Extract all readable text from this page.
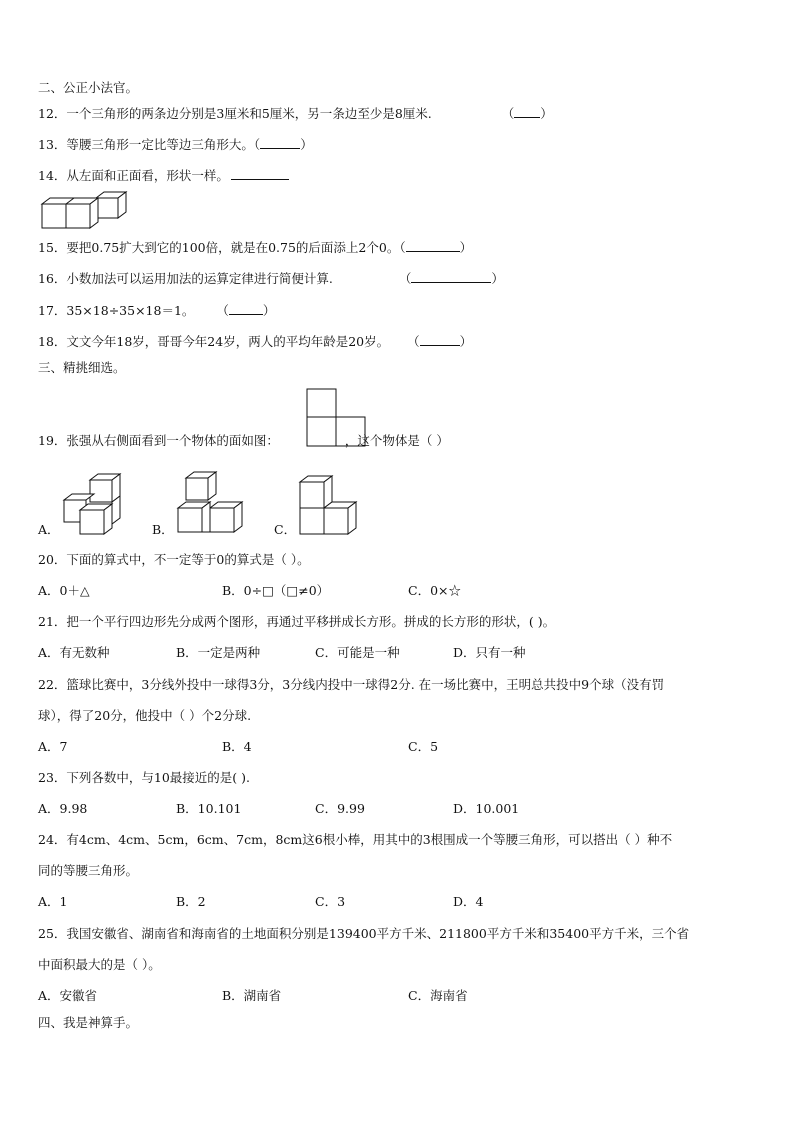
二、公正小法官。
12．一个三角形的两条边分别是3厘米和5厘米，另一条边至少是8厘米.	（ ）
13．等腰三角形一定比等边三角形大。（	）
14．从左面和正面看，形状一样。
15．要把0.75扩大到它的100倍，就是在0.75的后面添上2个0。（	）
16．小数加法可以运用加法的运算定律进行简便计算.	（	）
17．35×18÷35×18＝1。 （	）
18．文文今年18岁，哥哥今年24岁，两人的平均年龄是20岁。 （	）
三、精挑细选。
19．张强从右侧面看到一个物体的面如图：	，这个物体是（ ）
A．	B．	C．
20．下面的算式中，不一定等于0的算式是（ ）。
A．0＋△	B．0÷□（□≠0）	C．0×☆
21．把一个平行四边形先分成两个图形，再通过平移拼成长方形。拼成的长方形的形状，( )。
A．有无数种	B．一定是两种	C．可能是一种	D．只有一种
22．篮球比赛中，3分线外投中一球得3分，3分线内投中一球得2分. 在一场比赛中，王明总共投中9个球（没有罚
球），得了20分，他投中（ ）个2分球.
A．7	B．4	C．5
23．下列各数中，与10最接近的是( ).
A．9.98	B．10.101	C．9.99	D．10.001
24．有4cm、4cm、5cm，6cm、7cm，8cm这6根小棒，用其中的3根围成一个等腰三角形，可以搭出（ ）种不
同的等腰三角形。
A．1	B．2	C．3	D．4
25．我国安徽省、湖南省和海南省的土地面积分别是139400平方千米、211800平方千米和35400平方千米，三个省
中面积最大的是（ ）。
A．安徽省	B．湖南省	C．海南省
四、我是神算手。
